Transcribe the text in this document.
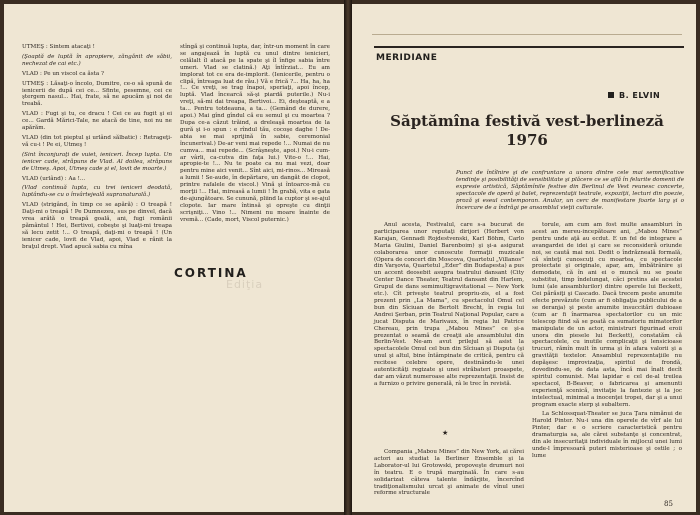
UTMEŞ : Sintem atacaţi !

(Şoaptă de luptă în apropiere, zăngănit de săbii, nechezat de cai etc.)

VLAD : Pe un viscol ca ăsta ?

UTMEŞ : Lăsaţi-o încolo, Dumitre, ce-o să spună de ienicerii de după cei ce... Sfinte, pesemne, cei ce ştergem nasul... Hai, frate, să ne apucăm şi noi de treabă.

VLAD : Fugi şi tu, ce dracu ! Cei ce au fugit şi ei ce... Gardă Mărici-Tale, ne atacă de tine, noi nu ne apărăm.

VLAD (din tot pieptul şi urlând sălbatic) : Retrageţi-vă cu-i ! Pe ei, Utmeş !

(Sint înconjuraţi de vuiet, ieniceri. Încep lupta. Un ienicer cade, străpuns de Vlad. Al doilea, străpuns de Utmeş. Apoi, Utmeş cade şi el, lovit de moarte.)

VLAD (urlând) : Aa !...

(Vlad continuă lupta, cu trei ieniceri deodată, luptându-se cu o învârtejeală supranaturală.)

VLAD (strigând, în timp ce se apără) : O treapă ! Daţi-mi o treapă ! Pe Dumnezeu, sus pe dinvel, dacă vrea arătă o treapă goală, ani, fugi românii pământul ! Hei, Bertivoi, cobeşte şi luaţi-mi treapa să lecu zetit !... O treapă, daţi-mi o treapă ! (Un ienicer cade, lovit de Vlad, apoi, Vlad e rănit la braţul drept. Vlad apucă sabia cu mîna

stîngă şi continuă lupta, dar, într-un moment în care se angajează în luptă cu unul dintre ienicieri, celălalt îl atacă pe la spate şi îl înfige sabia între umeri. Vlad se clatină.) Aţi întîrziat... Eu am implorat tot ce era de-implorit. (Ienicerile, pentru o clipă, întreaga luat de rău.) Vă e frică ?... Ha, ha, ha !... Ce vreţi, se trag înapoi, speriaţi, apoi încep, luptă. Vlad încearcă să-şi piardă puterile.) Nu-i vreţi, să-mi dai treapa, Bertivoi... Ei, deşteaptă, e a ta... Pentru totdeauna, a ta... (Gemând de durere, apoi.) Mai gînd gîndul că eu semul şi cu moartea ? Dupa ce-a căzut trăind, a dreleaşă moartea de la gură şi i-o spun : e rîndul tău, cocoşe daghe ! De-abia se mai sprijină în sabie, ceremonial încunerival.) De-ar veni mai repede !... Numai de nu cumva... mai repede... (Scrâşneşte, apoi.) Nu-i cum-ar vârli, ca-cutva din faţa lui.) Vito-o !... Hai, apropie-te !... Nu te poate ca nu mai vezi, doar pentru mine aici venit... Sînt aici, mi-rinos... Mireasă a lumii ! Se-aude, în depărtare, un dangăt de clopot, printre rafalele de viscol.) Vină şi întoarce-mă cu morţii !... Hai, mireasă a lumii ! În grabă, vita e gata de-ajungătoare. Se cunună, pliind la cuptor şi se-ajul clopote. Iar mare întinsă şi opreşte cu dinţii scrişniţi... Vino !... Nimeni nu moare înainte de vremă... (Cade, mort, Viscol puternic.)

Ediţia
CORTINA
MERIDIANE
B. ELVIN
Săptămîna festivă vest-berlineză
1976

Punct de întîlnire şi de confruntare a unora dintre cele mai semnificative tendinţe şi posibilităţi de sensibilitate şi plăcere ce se află în felurite domenii de expresie artistică, Săptămînile festive din Berlinul de Vest reunesc concerte, spectacole de operă şi balet, reprezentaţii teatrale, expoziţii, lecturi din poezie, proză şi eseul contemporan. Anular, un cerc de manifestare foarte larg şi o încercare de a îndrăgi pe ansamblul vieţii culturale.

Anul acesta, Festivalul, care s-a bucurat de participarea unor reputaţi dirijori (Herbert von Karajan, Gennadi Rojdestvenski, Karl Böhm, Carlo Maria Giulini, Daniel Barenboim) şi şi-a asigurat colaborarea unor cunoscute formaţii muzicale (Opera de concert din Moscova, Quartetul „Villanos” din Varşovia, Quartetul „Eder” din Budapesta) a pus un accent deosebit asupra teatrului dansant (City Center Dance Theater, Teatrul dansant din Harlem, Grupul de dans semimultigravitational — New York etc.). Cît priveşte teatrul propriu-zis, el a fost prezent prin „La Mama”, cu spectacolul Omul cel bun din Sîciuan de Bertolt Brecht, în regia lui Andrei Şerban, prin Teatrul Naţional Popular, care a jucat Disputa de Marivaux, în regia lui Patrice Chereau, prin trupa „Mabou Mines” ce şi-a prezentat o seamă de creaţii ale ansamblului din Berlin-Vest. Ne-am avut prilejul să asist la spectacolele Omul cel bun din Sîciuan şi Disputa (şi unul şi altul, bine întâmpinate de critică, pentru că recitese celebre opere, destinându-le unei autenticităţi regizate şi unei străbateri proaspete, dar am văzut numeroase alte reprezentaţii. Insist de a furnizo o privire generală, râ le trec în revistă.

★

Compania „Mabou Mines” din New York, ai cărei actori au studiat la Berliner Ensemble şi la Laborator-ul lui Grotowski, propoveşte drumuri noi în teatru. E o trupă marginală. În care s-au solidarizat câteva talente îndârjite, încercînd tradiţionalismului urcat şi animate de vînul unei reforme structurale

torule, am cum am fost multe ansambluri în acest an mereu-incepătoare ani, „Mabou Mines” pentru unde aţă au ecdut. E un fel de integrare a avangardei de idei şi care se reconsideră oriunde noi, se caută mai noi. Dedit o îndrăzneală formală, că sînteţi cunoscuţi cu moartea, cu spectacole proiectate şi originale, apar, am, îmbătrânire şi demodate, că în ani ei o muncă nu se poate substitui, timp îndelungat, căci pretins ale acestei lumi (ale ansamblurilor) dintre operele lui Beckett, Cei părăsiţi şi Cascado. Dacă trecem peste anumite efecte prevăzute (cum ar fi obligaţia publicului de a se deranja) şi peste anumite insuccitări dubioase (cum ar fi înarmarea spectatorilor cu un mic telescop fiind să se poată ca sumatoriu mimatorilor manipulate de un actor, ministruri figurinad eroii unora din piesele lui Beckett), constatăm că spectacolele, cu inutile complicaţii şi lensicioase trucuri, rămîn mult în urma şi în afara valorii şi a gravităţii textelor. Ansamblul reprezentaţiile nu depăşesc improvizaţia, spiritul de frondă, dovedindu-se, de data asta, încă mai înalt decît spiritul comunist. Mai lapidar e cel de-al treilea spectacol, B-Beaver, o fabricarea şi amenunti experienţă scenică, invitaţie la fantezie şi la joc intelectual, minimal a inocenţei tropei, dar şi a unui program exacte sterp şi subaltern.

La Schlossquat-Theater se juca Ţara nimănui de Harold Pinter. Nu-i una din operele de vîrf ale lui Pinter, dar e o scriere caracteristică pentru dramaturgia sa, ale cărei substanţe şi concentrat, din ale insecuritaţii individuale în mijlocul unei lumi unde-l împresoară puteri misterioase şi ostile ; o lume

85
